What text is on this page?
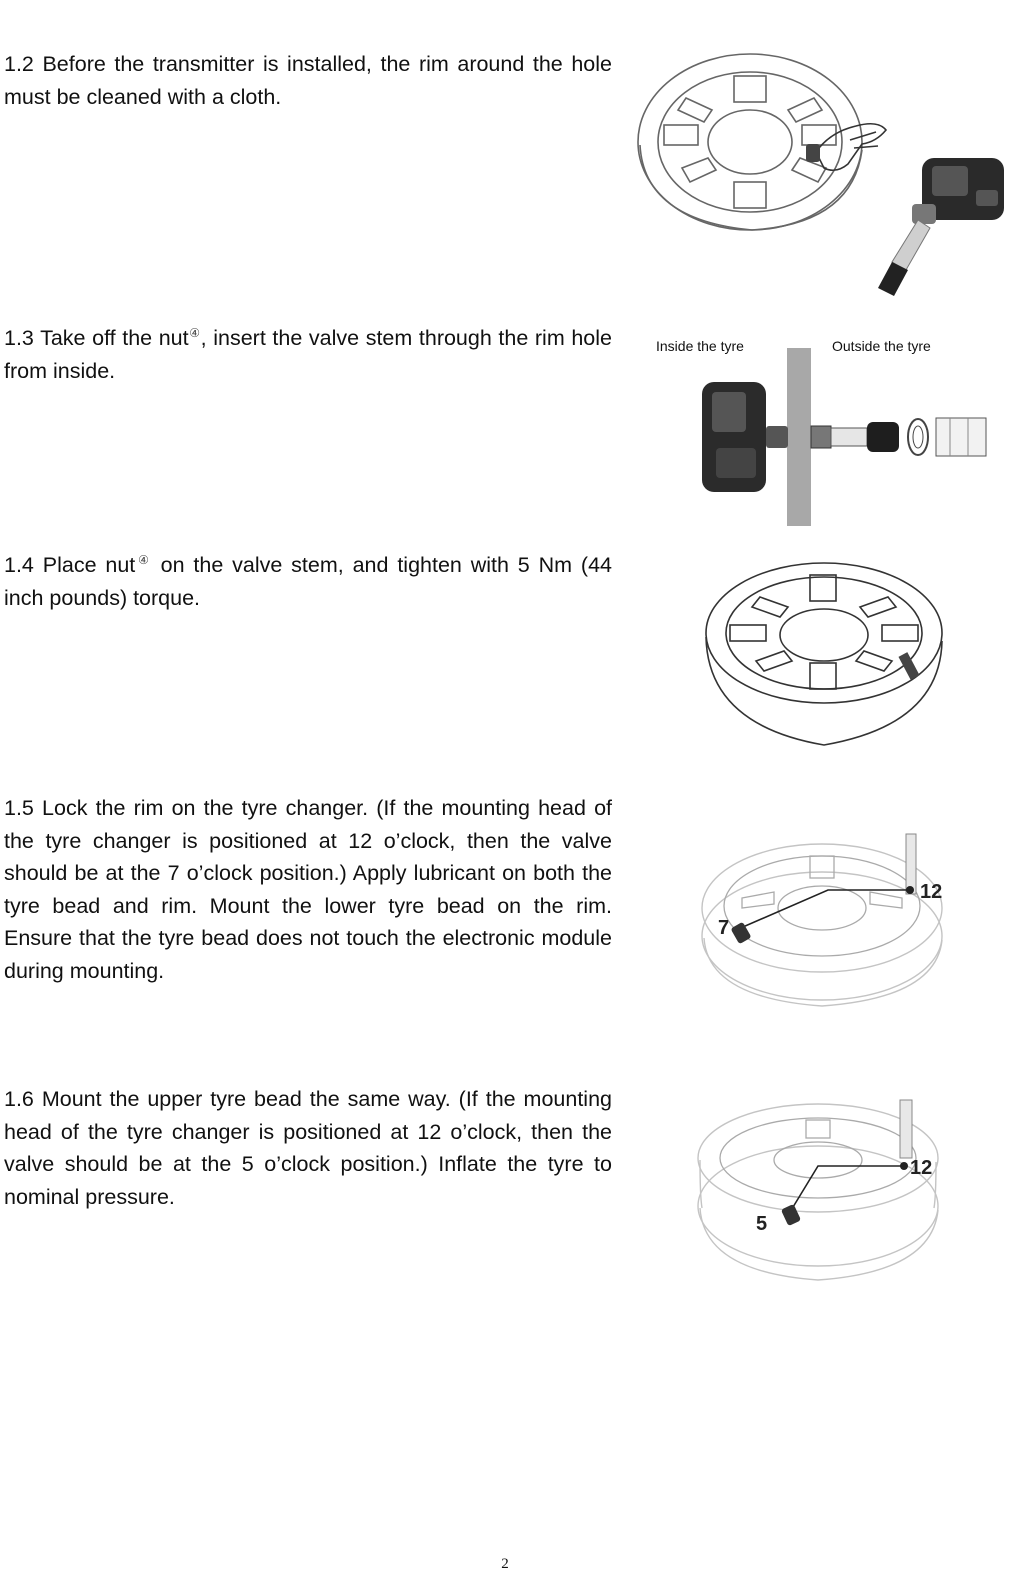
1.2 Before the transmitter is installed, the rim around the hole must be cleaned with a cloth.

1.3 Take off the nut④, insert the valve stem through the rim hole from inside.

1.4 Place nut④ on the valve stem, and tighten with 5 Nm (44 inch pounds) torque.

1.5 Lock the rim on the tyre changer. (If the mounting head of the tyre changer is positioned at 12 o’clock, then the valve should be at the 7 o’clock position.) Apply lubricant on both the tyre bead and rim. Mount the lower tyre bead on the rim. Ensure that the tyre bead does not touch the electronic module during mounting.

1.6 Mount the upper tyre bead the same way. (If the mounting head of the tyre changer is positioned at 12 o’clock, then the valve should be at the 5 o’clock position.) Inflate the tyre to nominal pressure.

Inside the tyre	Outside the tyre
12
7
12
5
2
